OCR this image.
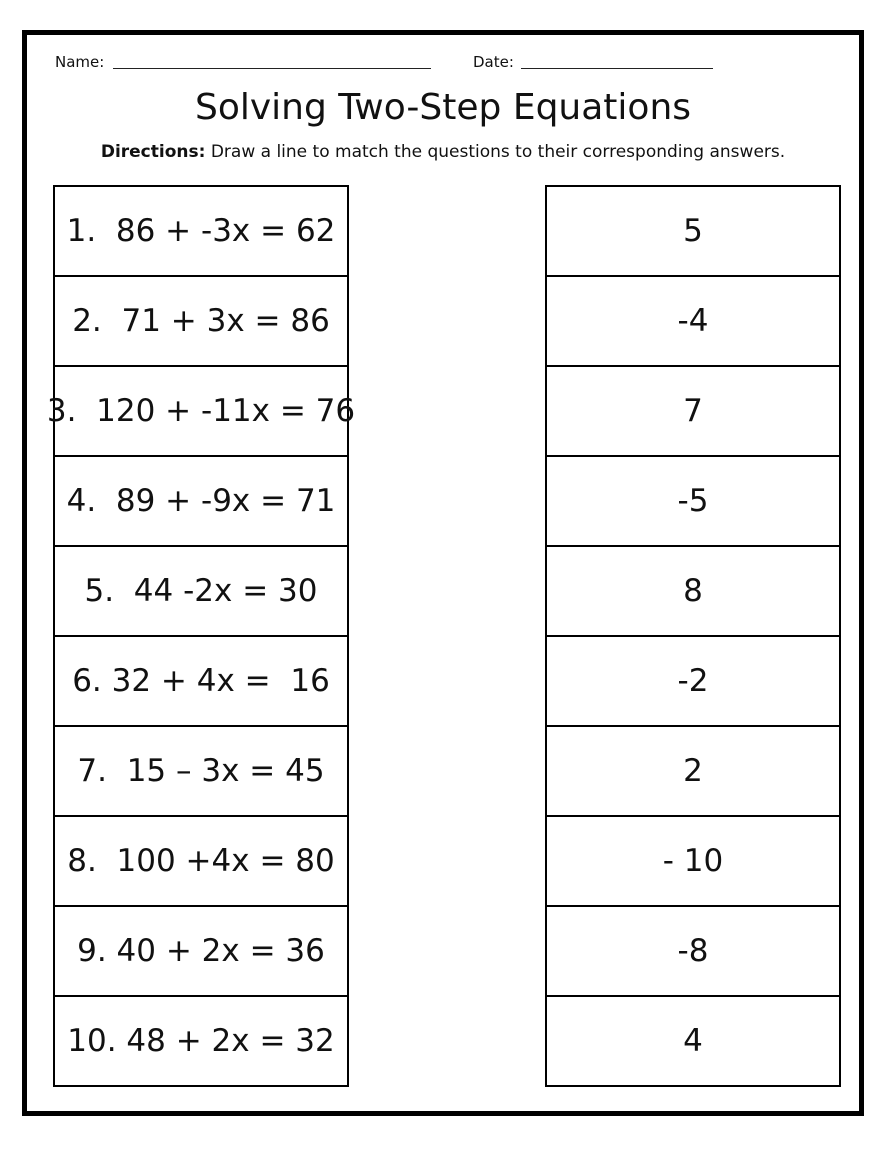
Name:	Date:
Solving Two-Step Equations
Directions: Draw a line to match the questions to their corresponding answers.
1.  86 + -3x = 62
2.  71 + 3x = 86
3.  120 + -11x = 76
4.  89 + -9x = 71
5.  44 -2x = 30
6. 32 + 4x =  16
7.  15 – 3x = 45
8.  100 +4x = 80
9. 40 + 2x = 36
10. 48 + 2x = 32
5
-4
7
-5
8
-2
2
- 10
-8
4
